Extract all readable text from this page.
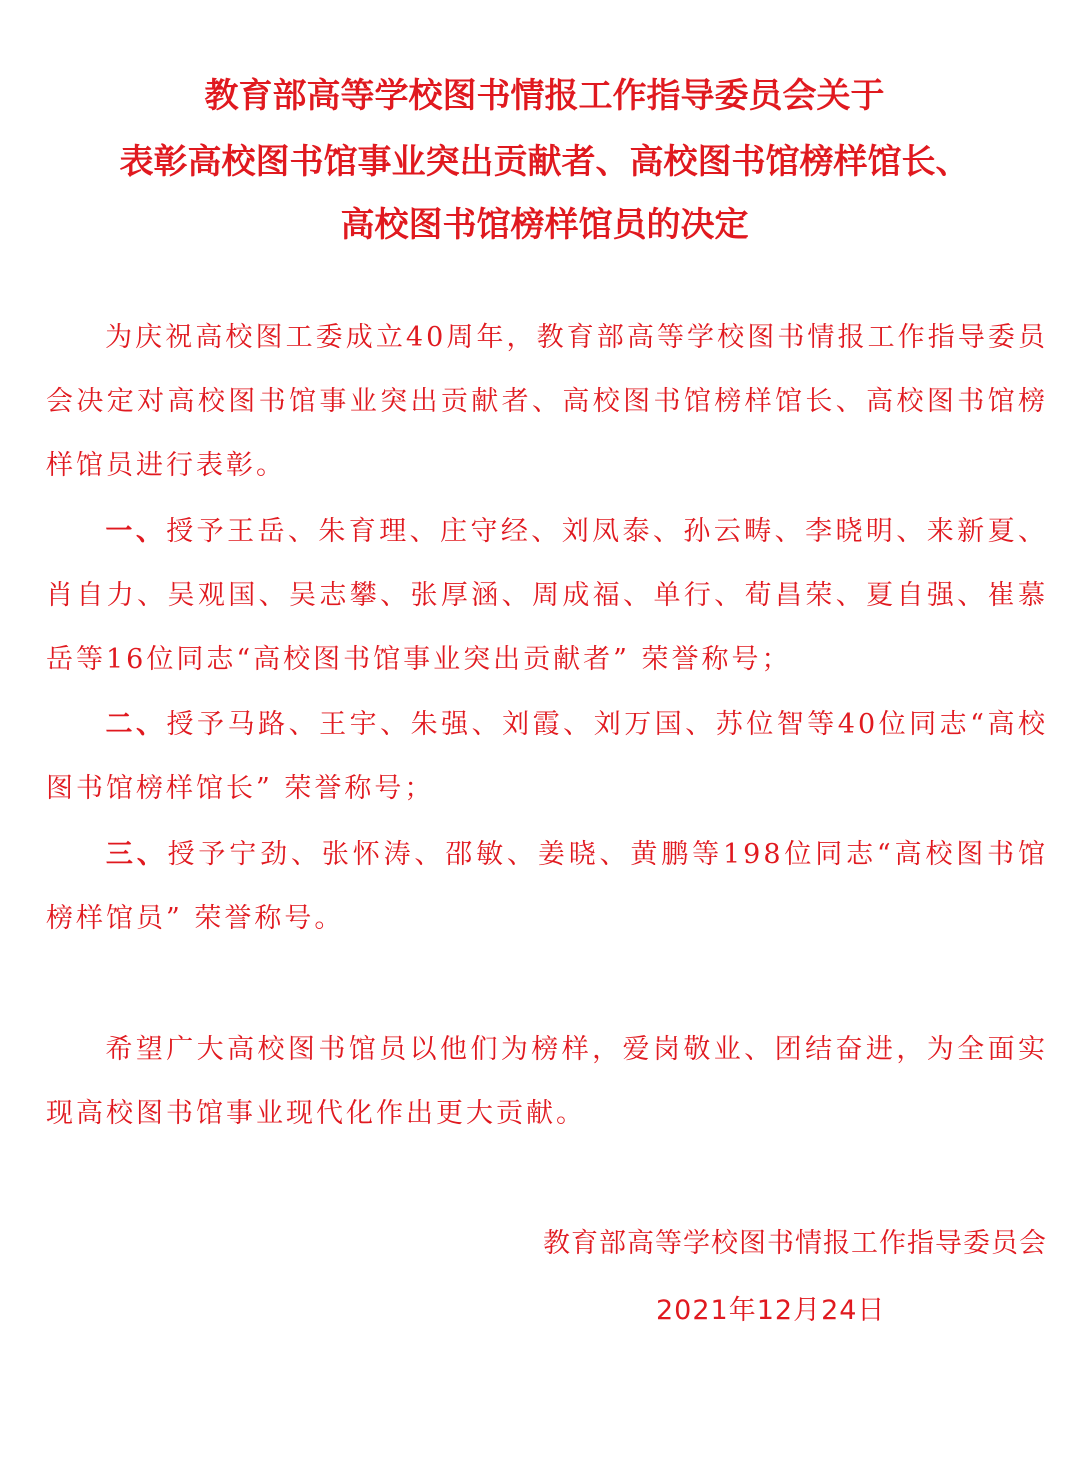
教育部高等学校图书情报工作指导委员会关于
表彰高校图书馆事业突出贡献者、高校图书馆榜样馆长、
高校图书馆榜样馆员的决定
为庆祝高校图工委成立40周年，教育部高等学校图书情报工作指导委员会决定对高校图书馆事业突出贡献者、高校图书馆榜样馆长、高校图书馆榜样馆员进行表彰。
一、授予王岳、朱育理、庄守经、刘凤泰、孙云畴、李晓明、来新夏、肖自力、吴观国、吴志攀、张厚涵、周成福、单行、荀昌荣、夏自强、崔慕岳等16位同志“高校图书馆事业突出贡献者” 荣誉称号；
二、授予马路、王宇、朱强、刘霞、刘万国、苏位智等40位同志“高校图书馆榜样馆长” 荣誉称号；
三、授予宁劲、张怀涛、邵敏、姜晓、黄鹏等198位同志“高校图书馆榜样馆员” 荣誉称号。
希望广大高校图书馆员以他们为榜样，爱岗敬业、团结奋进，为全面实现高校图书馆事业现代化作出更大贡献。
教育部高等学校图书情报工作指导委员会
2021年12月24日
